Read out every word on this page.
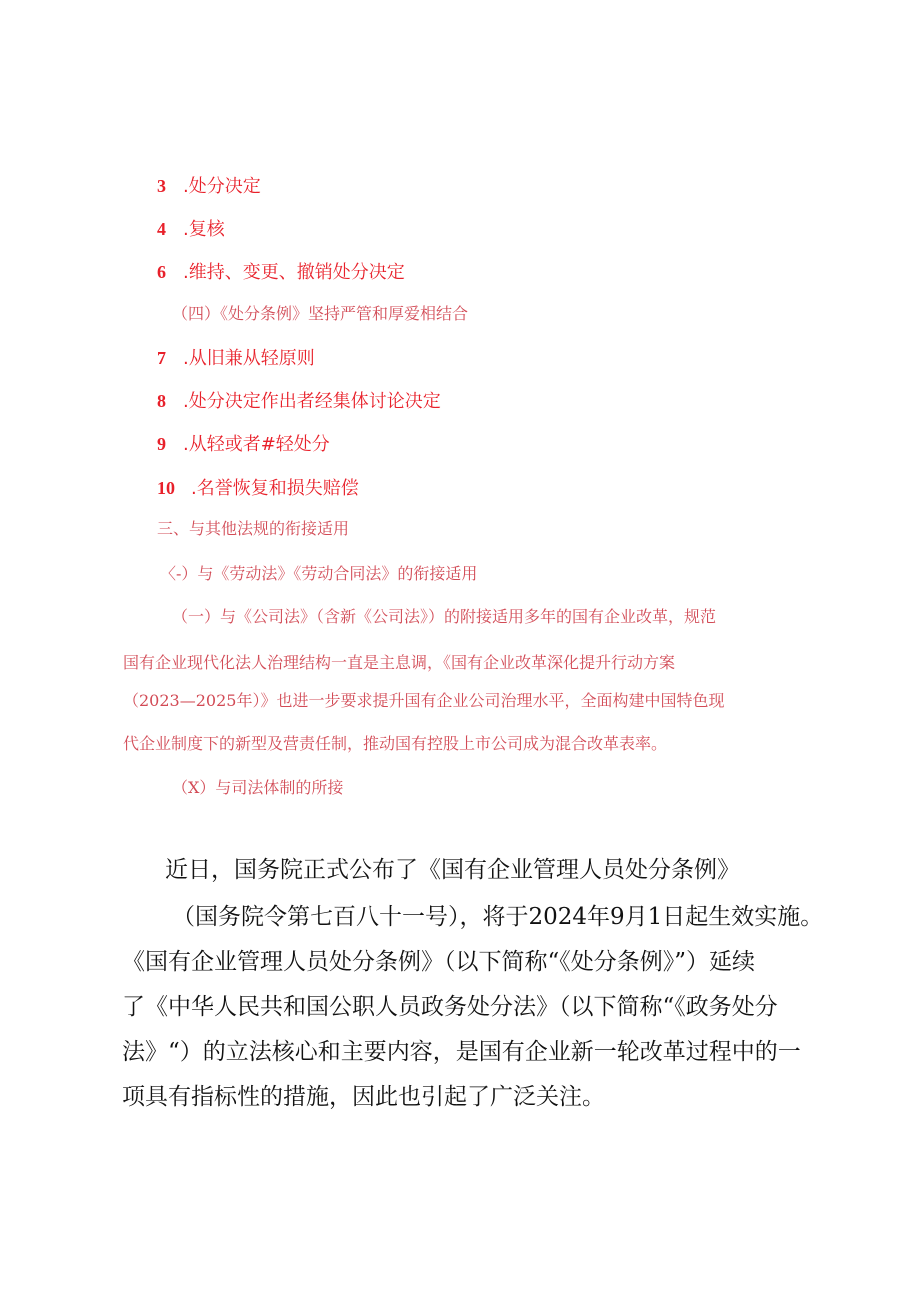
3 .处分决定
4 .复核
6 .维持、变更、撤销处分决定
（四）《处分条例》坚持严管和厚爱相结合
7 .从旧兼从轻原则
8 .处分决定作出者经集体讨论决定
9 .从轻或者#轻处分
10 .名誉恢复和损失赔偿
三、与其他法规的衔接适用
〈-）与《劳动法》《劳动合同法》的衔接适用
（一）与《公司法》（含新《公司法》）的附接适用多年的国有企业改革，规范
国有企业现代化法人治理结构一直是主息调，《国有企业改革深化提升行动方案
（2023—2025年）》也进一步要求提升国有企业公司治理水平，全面构建中国特色现
代企业制度下的新型及营责任制，推动国有控股上市公司成为混合改革表率。
（X）与司法体制的所接
近日，国务院正式公布了《国有企业管理人员处分条例》
（国务院令第七百八十一号），将于2024年9月1日起生效实施。
《国有企业管理人员处分条例》（以下简称“《处分条例》”）延续
了《中华人民共和国公职人员政务处分法》（以下简称“《政务处分
法》“）的立法核心和主要内容，是国有企业新一轮改革过程中的一
项具有指标性的措施，因此也引起了广泛关注。
